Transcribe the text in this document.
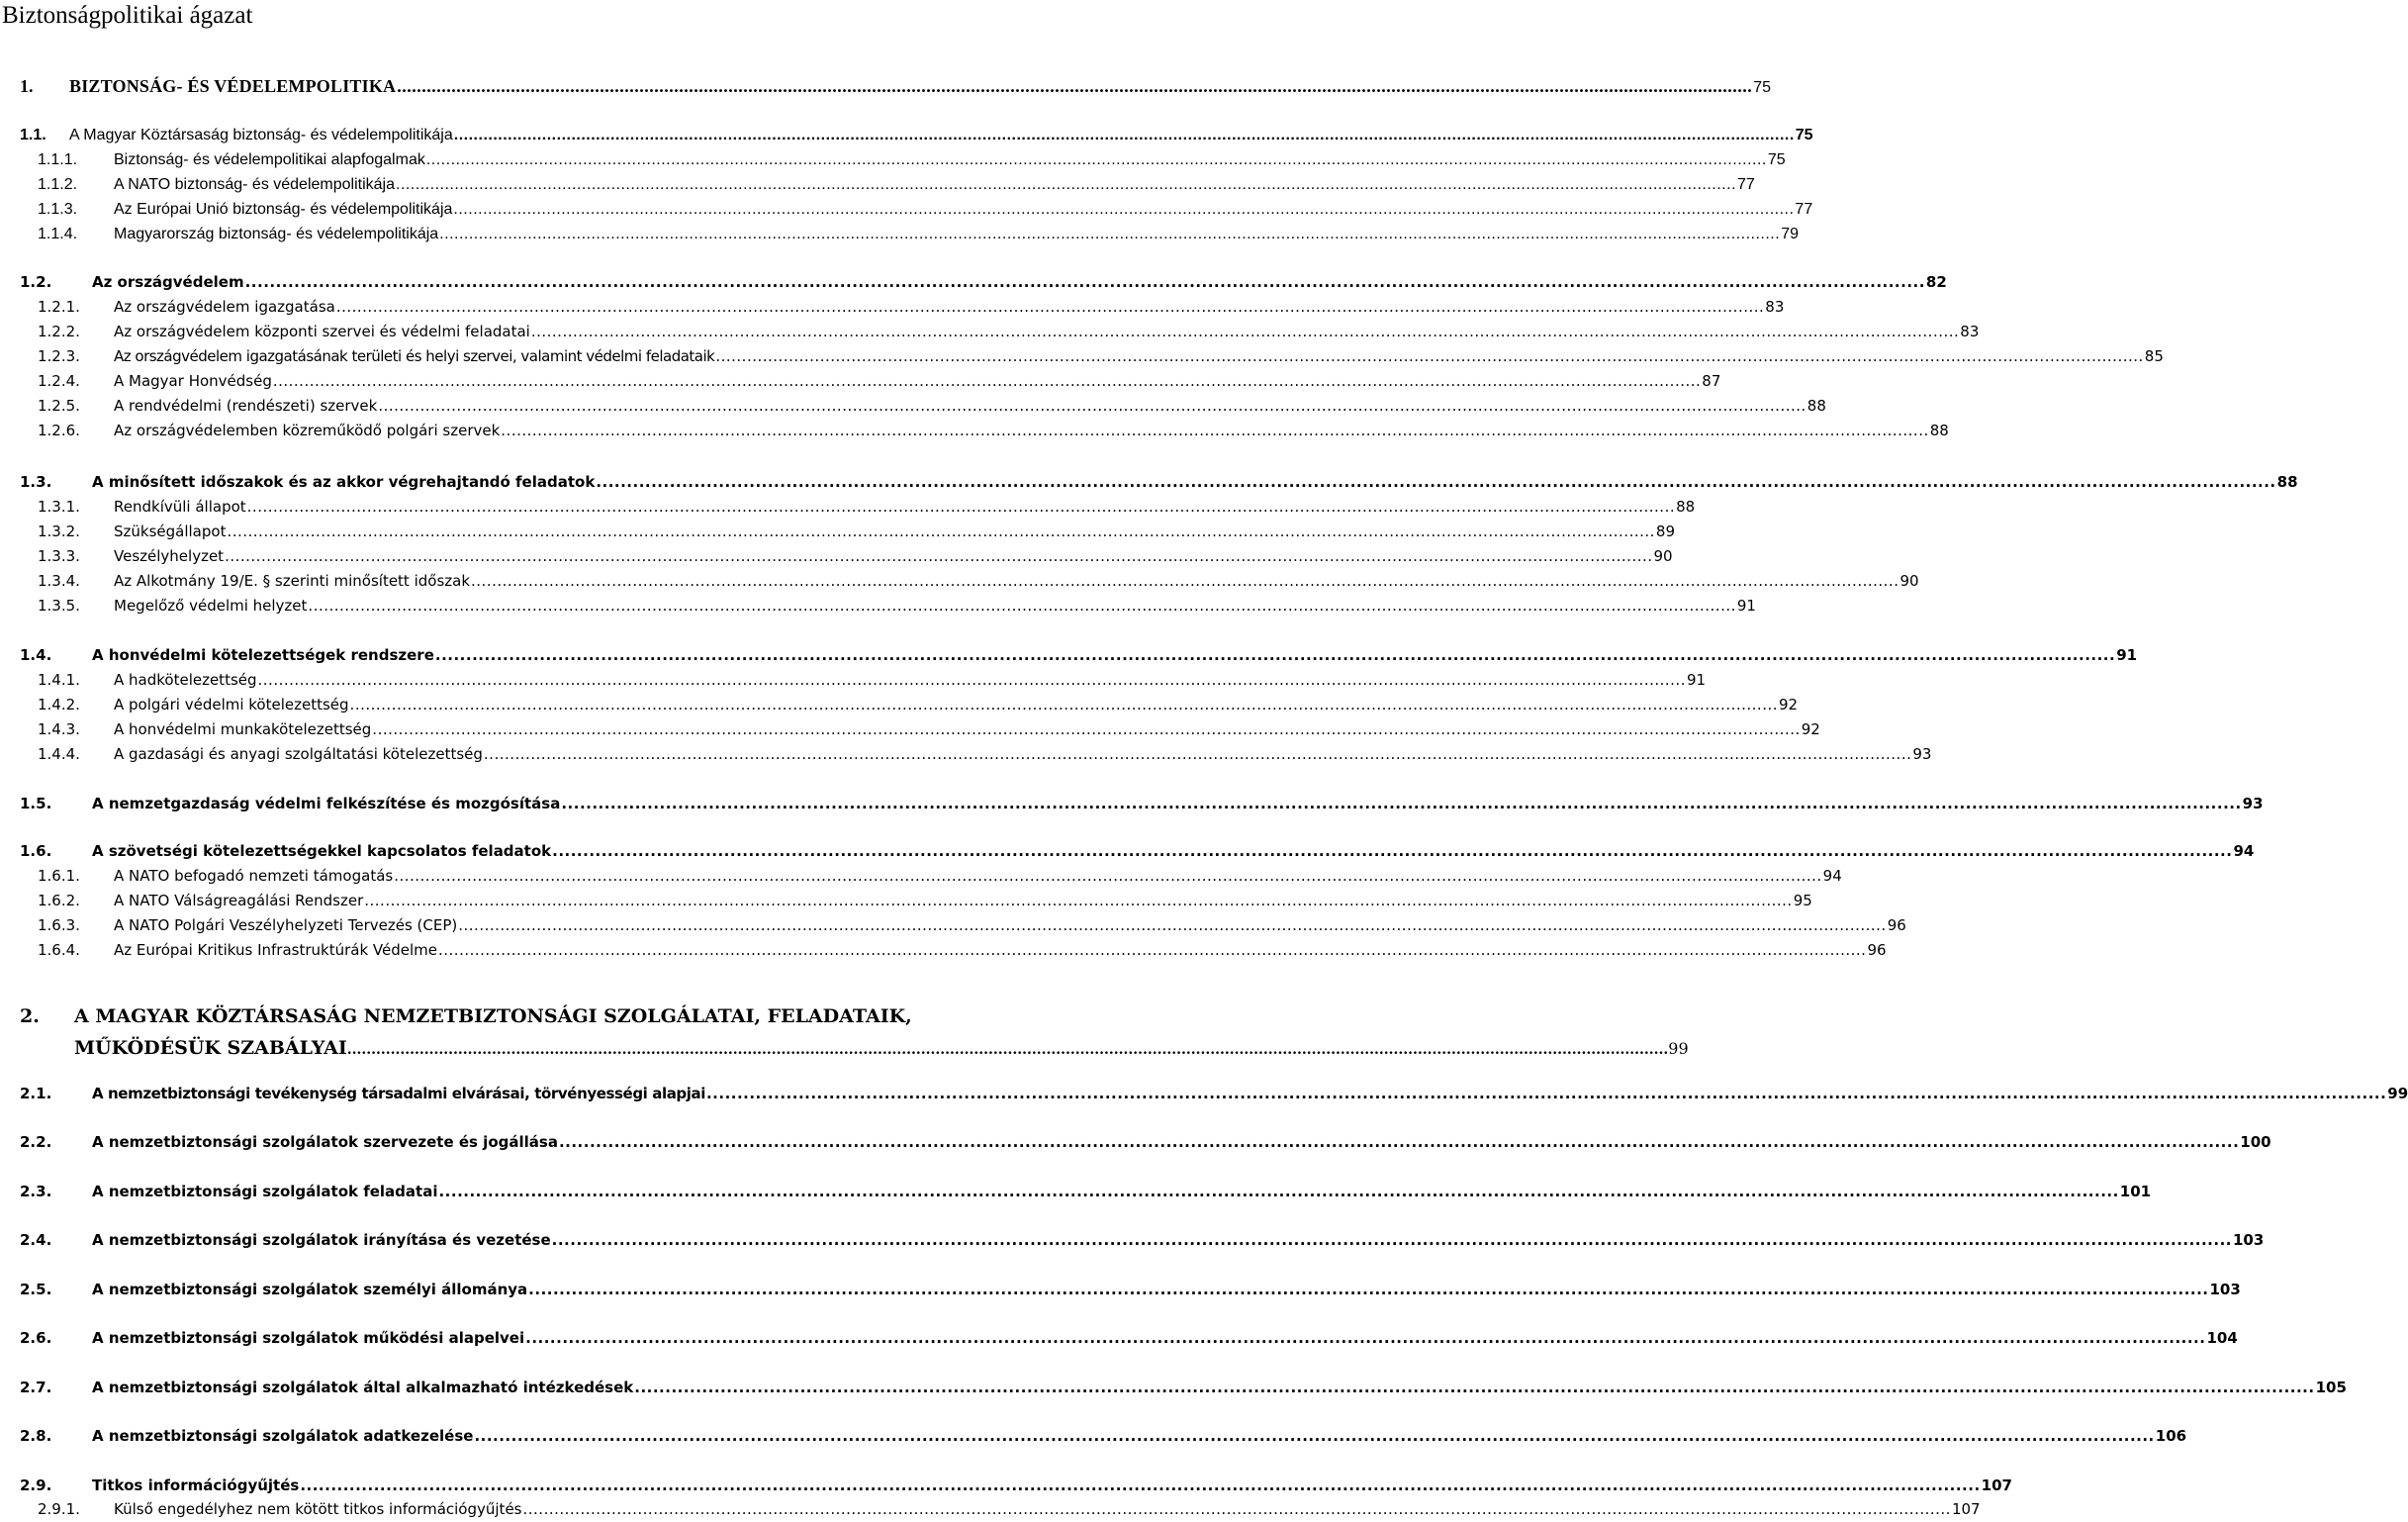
Biztonságpolitikai ágazat
1. BIZTONSÁG- ÉS VÉDELEMPOLITIKA .....	75
1.1. A Magyar Köztársaság biztonság- és védelempolitikája .....	75
1.1.1. Biztonság- és védelempolitikai alapfogalmak .....	75
1.1.2. A NATO biztonság- és védelempolitikája .....	77
1.1.3. Az Európai Unió biztonság- és védelempolitikája .....	77
1.1.4. Magyarország biztonság- és védelempolitikája .....	79
1.2.	Az országvédelem .....	82
1.2.1. Az országvédelem igazgatása .....	83
1.2.2. Az országvédelem központi szervei és védelmi feladatai .....	83
1.2.3. Az országvédelem igazgatásának területi és helyi szervei, valamint védelmi feladataik .....	85
1.2.4. A Magyar Honvédség .....	87
1.2.5. A rendvédelmi (rendészeti) szervek .....	88
1.2.6. Az országvédelemben közreműködő polgári szervek .....	88
1.3.	A minősített időszakok és az akkor végrehajtandó feladatok .....	88
1.3.1. Rendkívüli állapot .....	88
1.3.2. Szükségállapot .....	89
1.3.3. Veszélyhelyzet .....	90
1.3.4. Az Alkotmány 19/E. § szerinti minősített időszak .....	90
1.3.5. Megelőző védelmi helyzet .....	91
1.4.	A honvédelmi kötelezettségek rendszere .....	91
1.4.1. A hadkötelezettség .....	91
1.4.2. A polgári védelmi kötelezettség .....	92
1.4.3. A honvédelmi munkakötelezettség .....	92
1.4.4. A gazdasági és anyagi szolgáltatási kötelezettség .....	93
1.5.	A nemzetgazdaság védelmi felkészítése és mozgósítása .....	93
1.6.	A szövetségi kötelezettségekkel kapcsolatos feladatok .....	94
1.6.1. A NATO befogadó nemzeti támogatás .....	94
1.6.2. A NATO Válságreagálási Rendszer .....	95
1.6.3. A NATO Polgári Veszélyhelyzeti Tervezés (CEP) .....	96
1.6.4. Az Európai Kritikus Infrastruktúrák Védelme .....	96
2. A MAGYAR KÖZTÁRSASÁG NEMZETBIZTONSÁGI SZOLGÁLATAI, FELADATAIK,
MŰKÖDÉSÜK SZABÁLYAI .....	99
2.1.	A nemzetbiztonsági tevékenység társadalmi elvárásai, törvényességi alapjai .....	99
2.2.	A nemzetbiztonsági szolgálatok szervezete és jogállása .....	100
2.3.	A nemzetbiztonsági szolgálatok feladatai .....	101
2.4.	A nemzetbiztonsági szolgálatok irányítása és vezetése .....	103
2.5.	A nemzetbiztonsági szolgálatok személyi állománya .....	103
2.6.	A nemzetbiztonsági szolgálatok működési alapelvei .....	104
2.7.	A nemzetbiztonsági szolgálatok által alkalmazható intézkedések .....	105
2.8.	A nemzetbiztonsági szolgálatok adatkezelése .....	106
2.9.	Titkos információgyűjtés .....	107
2.9.1. Külső engedélyhez nem kötött titkos információgyűjtés .....	107
